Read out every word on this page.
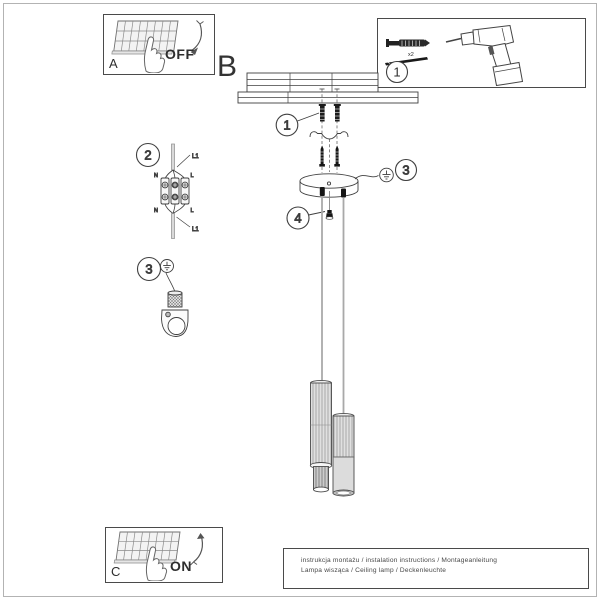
A
OFF B	x2
1
1
4
3
2	L1
N	L
N	L
L1
3
C	ON	instrukcja montażu / instalation instructions / Montageanleitung
Lampa wisząca / Ceiling lamp / Deckenleuchte
